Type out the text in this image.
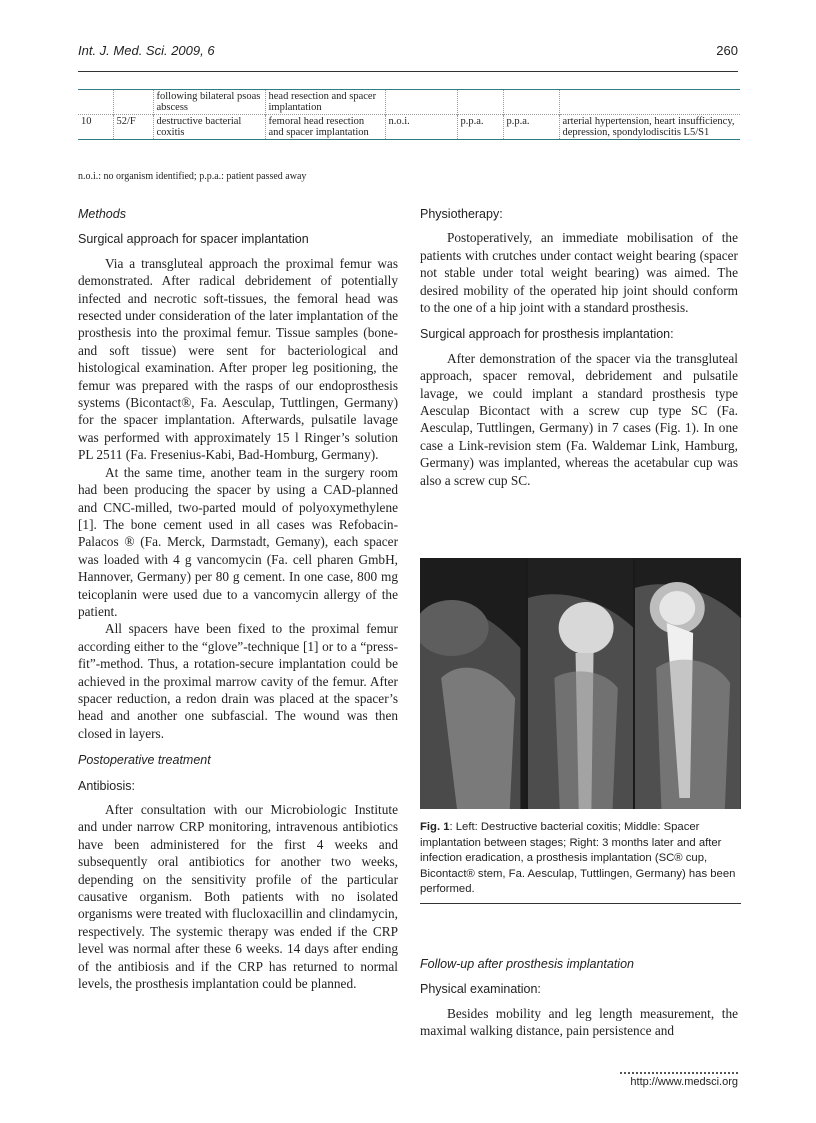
Int. J. Med. Sci. 2009, 6	260
		following bilateral psoas abscess	head resection and spacer implantation				
10	52/F	destructive bacterial coxitis	femoral head resection and spacer implantation	n.o.i.	p.p.a.	p.p.a.	arterial hypertension, heart insufficiency, depression, spondylodiscitis L5/S1
n.o.i.: no organism identified; p.p.a.: patient passed away
Methods
Surgical approach for spacer implantation

Via a transgluteal approach the proximal femur was demonstrated. After radical debridement of potentially infected and necrotic soft-tissues, the femoral head was resected under consideration of the later implantation of the prosthesis into the proximal femur. Tissue samples (bone- and soft tissue) were sent for bacteriological and histological examination. After proper leg positioning, the femur was prepared with the rasps of our endoprosthesis systems (Bicontact®, Fa. Aesculap, Tuttlingen, Germany) for the spacer implantation. Afterwards, pulsatile lavage was performed with approximately 15 l Ringer’s solution PL 2511 (Fa. Fresenius-Kabi, Bad-Homburg, Germany).

At the same time, another team in the surgery room had been producing the spacer by using a CAD-planned and CNC-milled, two-parted mould of polyoxymethylene [1]. The bone cement used in all cases was Refobacin-Palacos ® (Fa. Merck, Darmstadt, Gemany), each spacer was loaded with 4 g vancomycin (Fa. cell pharen GmbH, Hannover, Germany) per 80 g cement. In one case, 800 mg teicoplanin were used due to a vancomycin allergy of the patient.

All spacers have been fixed to the proximal femur according either to the “glove”-technique [1] or to a “press-fit”-method. Thus, a rotation-secure implantation could be achieved in the proximal marrow cavity of the femur. After spacer reduction, a redon drain was placed at the spacer’s head and another one subfascial. The wound was then closed in layers.

Postoperative treatment
Antibiosis:

After consultation with our Microbiologic Institute and under narrow CRP monitoring, intravenous antibiotics have been administered for the first 4 weeks and subsequently oral antibiotics for another two weeks, depending on the sensitivity profile of the particular causative organism. Both patients with no isolated organisms were treated with flucloxacillin and clindamycin, respectively. The systemic therapy was ended if the CRP level was normal after these 6 weeks. 14 days after ending of the antibiosis and if the CRP has returned to normal levels, the prosthesis implantation could be planned.

Physiotherapy:

Postoperatively, an immediate mobilisation of the patients with crutches under contact weight bearing (spacer not stable under total weight bearing) was aimed. The desired mobility of the operated hip joint should conform to the one of a hip joint with a standard prosthesis.

Surgical approach for prosthesis implantation:

After demonstration of the spacer via the transgluteal approach, spacer removal, debridement and pulsatile lavage, we could implant a standard prosthesis type Aesculap Bicontact with a screw cup type SC (Fa. Aesculap, Tuttlingen, Germany) in 7 cases (Fig. 1). In one case a Link-revision stem (Fa. Waldemar Link, Hamburg, Germany) was implanted, whereas the acetabular cup was also a screw cup SC.

Fig. 1: Left: Destructive bacterial coxitis; Middle: Spacer implantation between stages; Right: 3 months later and after infection eradication, a prosthesis implantation (SC® cup, Bicontact® stem, Fa. Aesculap, Tuttlingen, Germany) has been performed.
Follow-up after prosthesis implantation
Physical examination:

Besides mobility and leg length measurement, the maximal walking distance, pain persistence and

http://www.medsci.org
